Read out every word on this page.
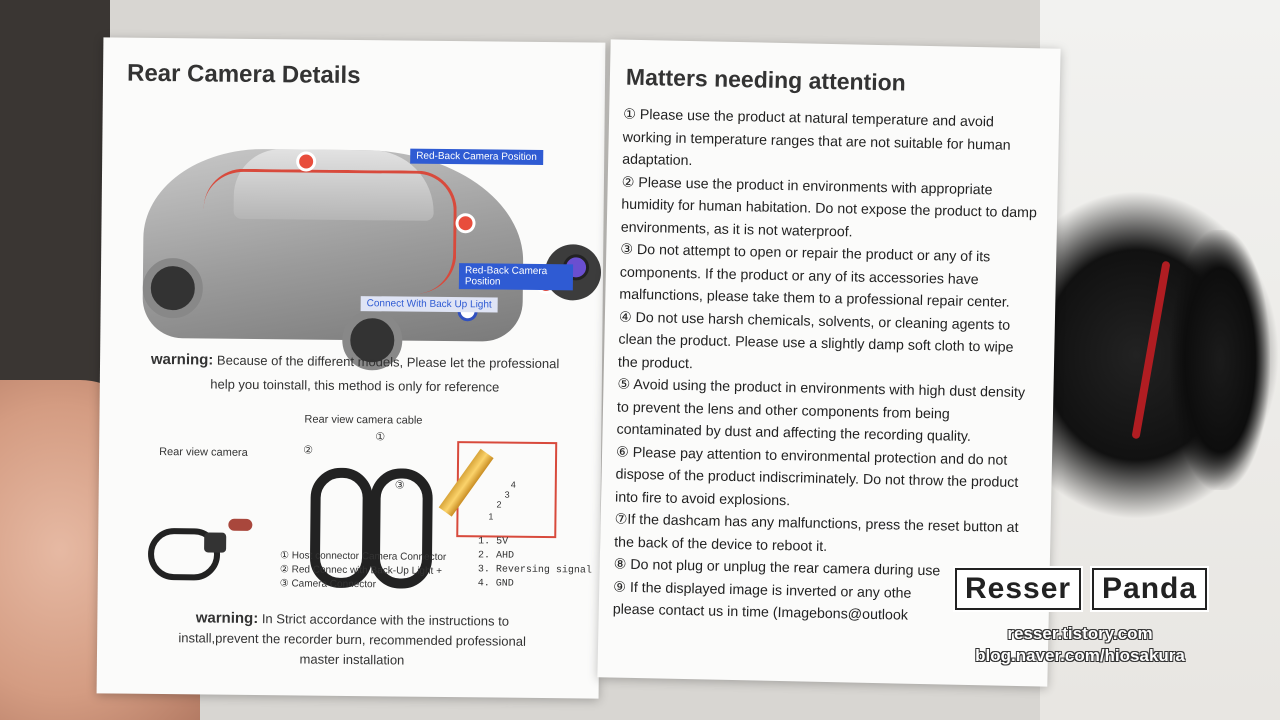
Rear Camera Details
Red-Back Camera Position
Red-Back Camera Position
Connect With Back Up Light
warning: Because of the different models, Please let the professional
help you toinstall, this method is only for reference
Rear view camera
Rear view camera cable
②
①
③	4
3
2
1
① Host connector Camera Connector
② Red Connec with Back-Up Light +
③ Camera Connector
1. 5V
2. AHD
3. Reversing signal
4. GND
warning: In Strict accordance with the instructions to
install,prevent the recorder burn, recommended professional
master installation
Matters needing attention

① Please use the product at natural temperature and avoid working in temperature ranges that are not suitable for human adaptation.

② Please use the product in environments with appropriate humidity for human habitation. Do not expose the product to damp environments, as it is not waterproof.

③ Do not attempt to open or repair the product or any of its components. If the product or any of its accessories have malfunctions, please take them to a professional repair center.

④ Do not use harsh chemicals, solvents, or cleaning agents to clean the product. Please use a slightly damp soft cloth to wipe the product.

⑤ Avoid using the product in environments with high dust density to prevent the lens and other components from being contaminated by dust and affecting the recording quality.

⑥ Please pay attention to environmental protection and do not dispose of the product indiscriminately. Do not throw the product into fire to avoid explosions.

⑦If the dashcam has any malfunctions, press the reset button at the back of the device to reboot it.

⑧ Do not plug or unplug the rear camera during use

⑨ If the displayed image is inverted or any othe

please contact us in time (Imagebons@outlook

Resser	Panda
resser.tistory.com
blog.naver.com/hiosakura
